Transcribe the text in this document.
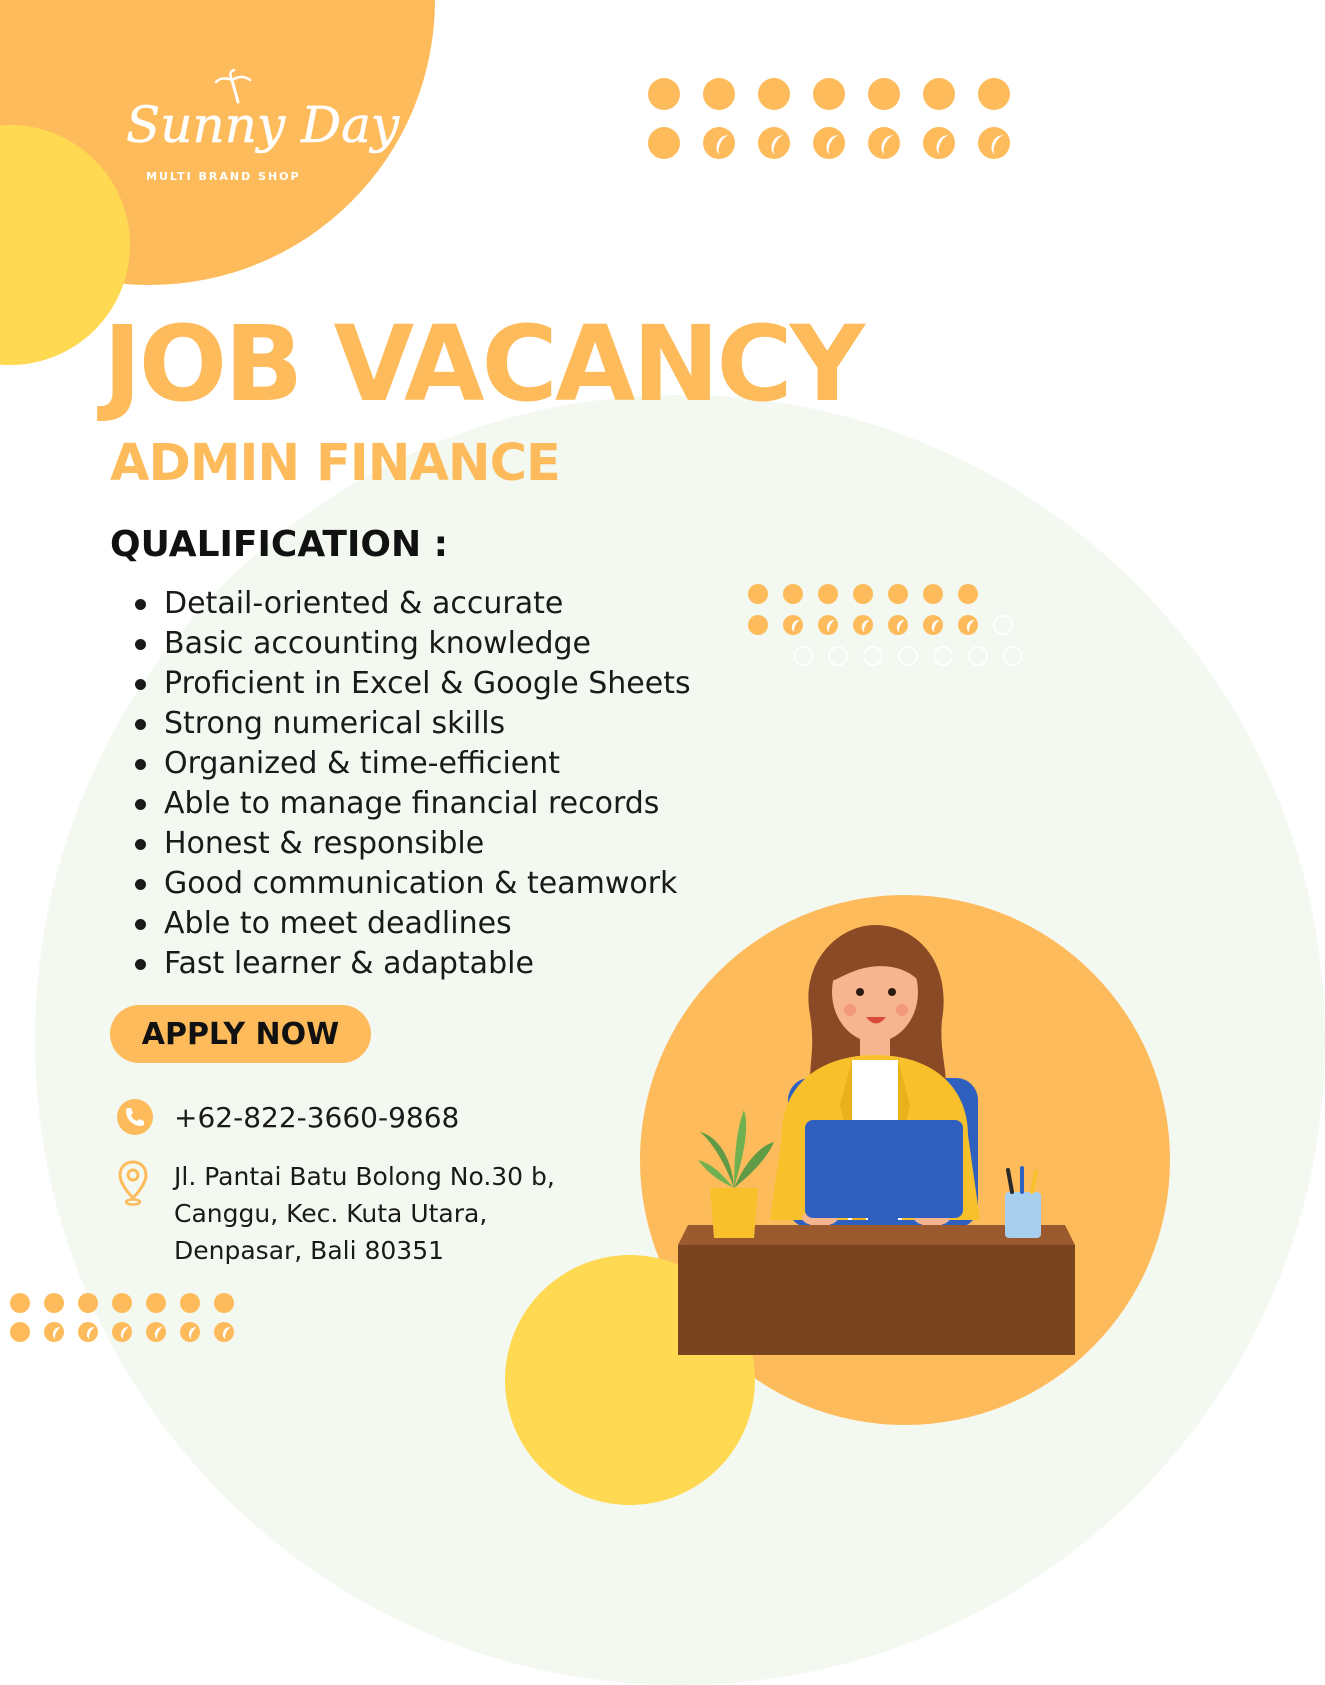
Sunny Day
MULTI BRAND SHOP
JOB VACANCY
ADMIN FINANCE
QUALIFICATION :
Detail-oriented & accurate
Basic accounting knowledge
Proficient in Excel & Google Sheets
Strong numerical skills
Organized & time-efficient
Able to manage financial records
Honest & responsible
Good communication & teamwork
Able to meet deadlines
Fast learner & adaptable
APPLY NOW
+62-822-3660-9868
Jl. Pantai Batu Bolong No.30 b,
Canggu, Kec. Kuta Utara,
Denpasar, Bali 80351
